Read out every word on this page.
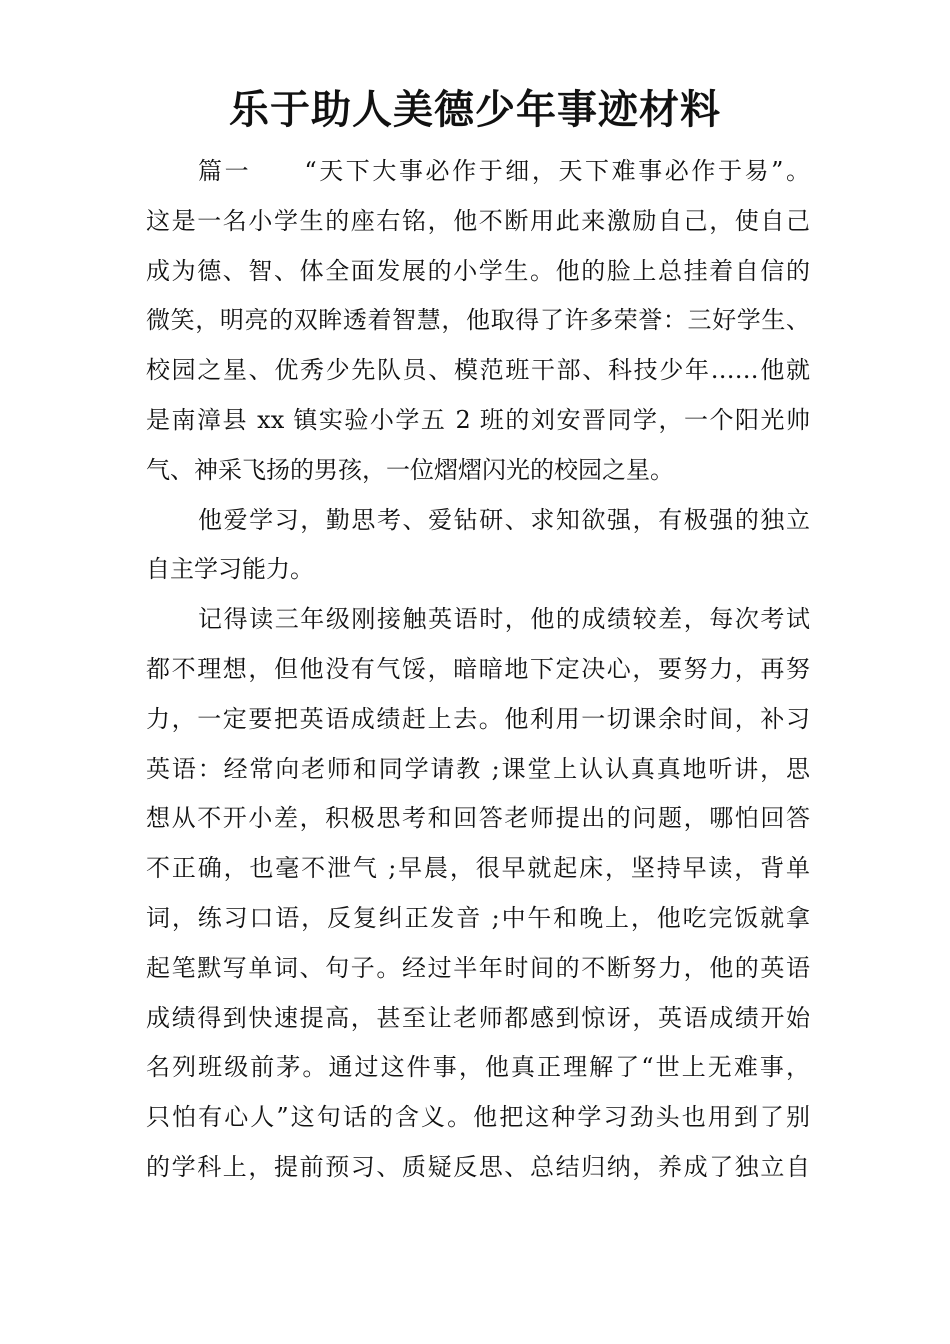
乐于助人美德少年事迹材料
篇一　　“天下大事必作于细，天下难事必作于易”。
这是一名小学生的座右铭，他不断用此来激励自己，使自己
成为德、智、体全面发展的小学生。他的脸上总挂着自信的
微笑，明亮的双眸透着智慧，他取得了许多荣誉：三好学生、
校园之星、优秀少先队员、模范班干部、科技少年……他就
是南漳县 xx 镇实验小学五 2 班的刘安晋同学，一个阳光帅
气、神采飞扬的男孩，一位熠熠闪光的校园之星。
他爱学习，勤思考、爱钻研、求知欲强，有极强的独立
自主学习能力。
记得读三年级刚接触英语时，他的成绩较差，每次考试
都不理想，但他没有气馁，暗暗地下定决心，要努力，再努
力，一定要把英语成绩赶上去。他利用一切课余时间，补习
英语：经常向老师和同学请教 ;课堂上认认真真地听讲，思
想从不开小差，积极思考和回答老师提出的问题，哪怕回答
不正确，也毫不泄气 ;早晨，很早就起床，坚持早读，背单
词，练习口语，反复纠正发音 ;中午和晚上，他吃完饭就拿
起笔默写单词、句子。经过半年时间的不断努力，他的英语
成绩得到快速提高，甚至让老师都感到惊讶，英语成绩开始
名列班级前茅。通过这件事，他真正理解了“世上无难事，
只怕有心人”这句话的含义。他把这种学习劲头也用到了别
的学科上，提前预习、质疑反思、总结归纳，养成了独立自
